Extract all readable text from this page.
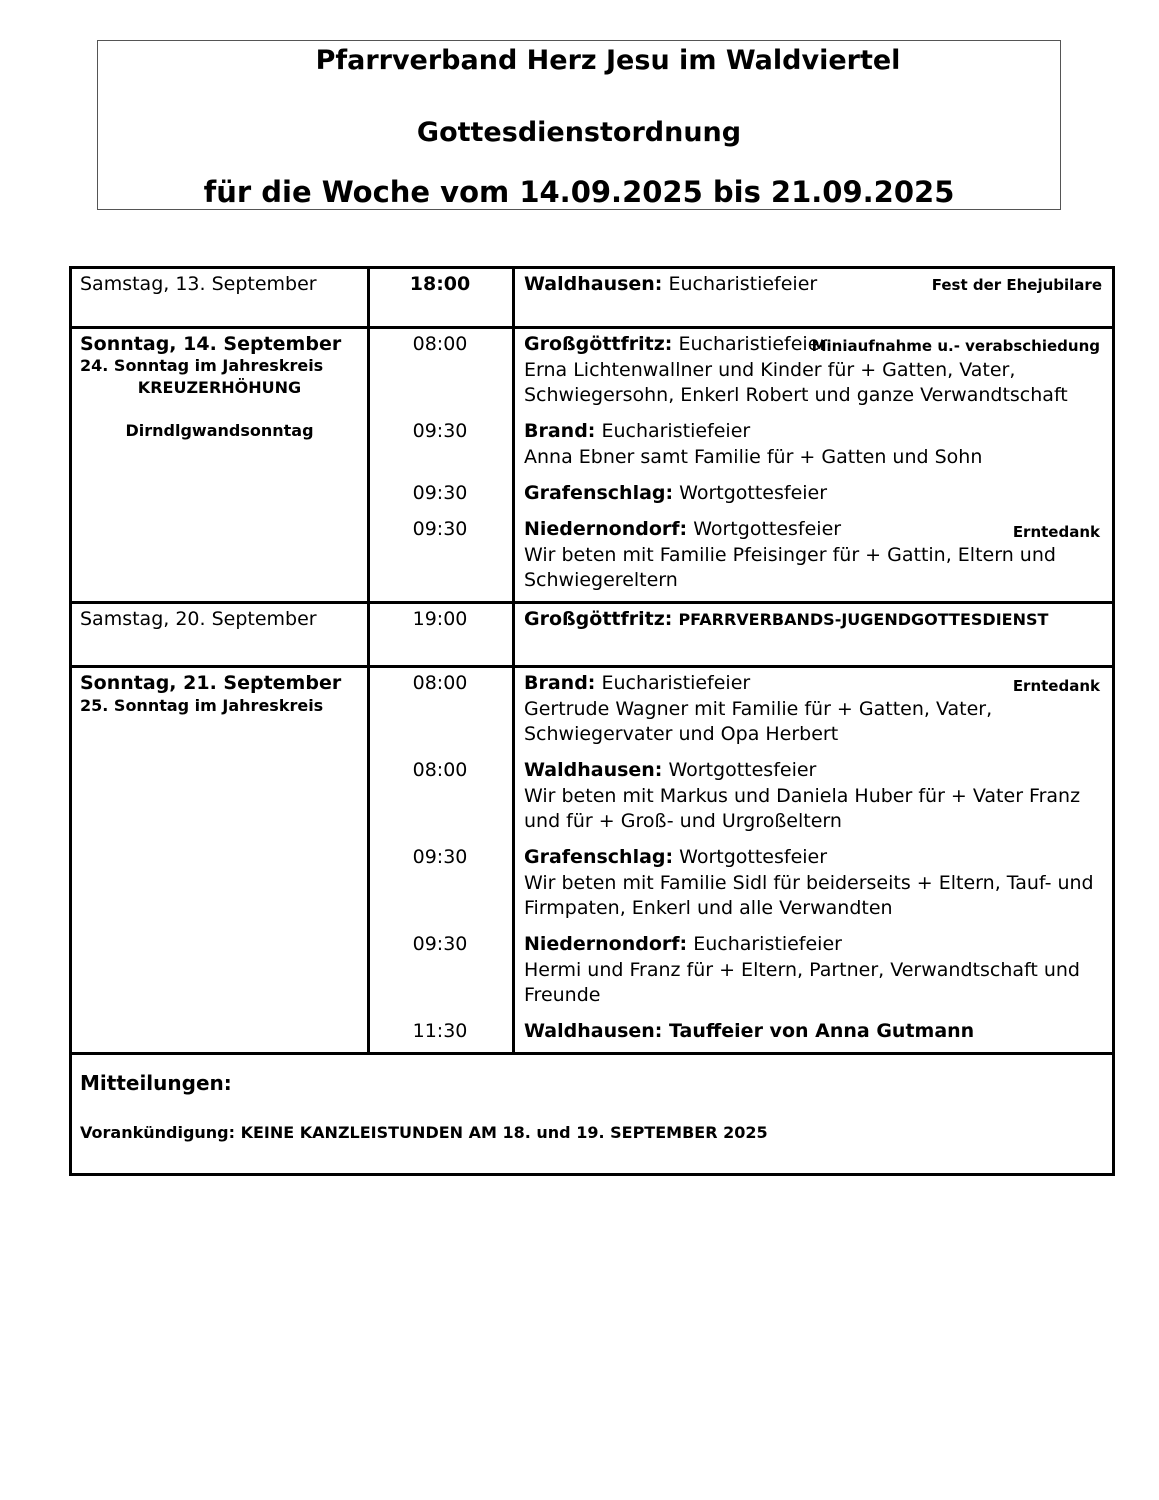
Pfarrverband Herz Jesu im Waldviertel
Gottesdienstordnung
für die Woche vom 14.09.2025 bis 21.09.2025
Samstag, 13. September	18:00	Waldhausen: Eucharistiefeier	Fest der Ehejubilare
Sonntag, 14. September
24. Sonntag im Jahreskreis
KREUZERHÖHUNG
Dirndlgwandsonntag
08:00	Großgöttfritz: Eucharistiefeier
Erna Lichtenwallner und Kinder für + Gatten, Vater,
Schwiegersohn, Enkerl Robert und ganze Verwandtschaft
Miniaufnahme u.- verabschiedung
09:30	Brand: Eucharistiefeier
Anna Ebner samt Familie für + Gatten und Sohn
09:30	Grafenschlag: Wortgottesfeier
09:30	Niedernondorf: Wortgottesfeier
Wir beten mit Familie Pfeisinger für + Gattin, Eltern und
Schwiegereltern
Erntedank
Samstag, 20. September	19:00	Großgöttfritz: PFARRVERBANDS-JUGENDGOTTESDIENST
Sonntag, 21. September
25. Sonntag im Jahreskreis
08:00	Brand: Eucharistiefeier
Gertrude Wagner mit Familie für + Gatten, Vater,
Schwiegervater und Opa Herbert
Erntedank
08:00	Waldhausen: Wortgottesfeier
Wir beten mit Markus und Daniela Huber für + Vater Franz
und für + Groß- und Urgroßeltern
09:30	Grafenschlag: Wortgottesfeier
Wir beten mit Familie Sidl für beiderseits + Eltern, Tauf- und
Firmpaten, Enkerl und alle Verwandten
09:30	Niedernondorf: Eucharistiefeier
Hermi und Franz für + Eltern, Partner, Verwandtschaft und
Freunde
11:30	Waldhausen: Tauffeier von Anna Gutmann
Mitteilungen:
Vorankündigung: KEINE KANZLEISTUNDEN AM 18. und 19. SEPTEMBER 2025
